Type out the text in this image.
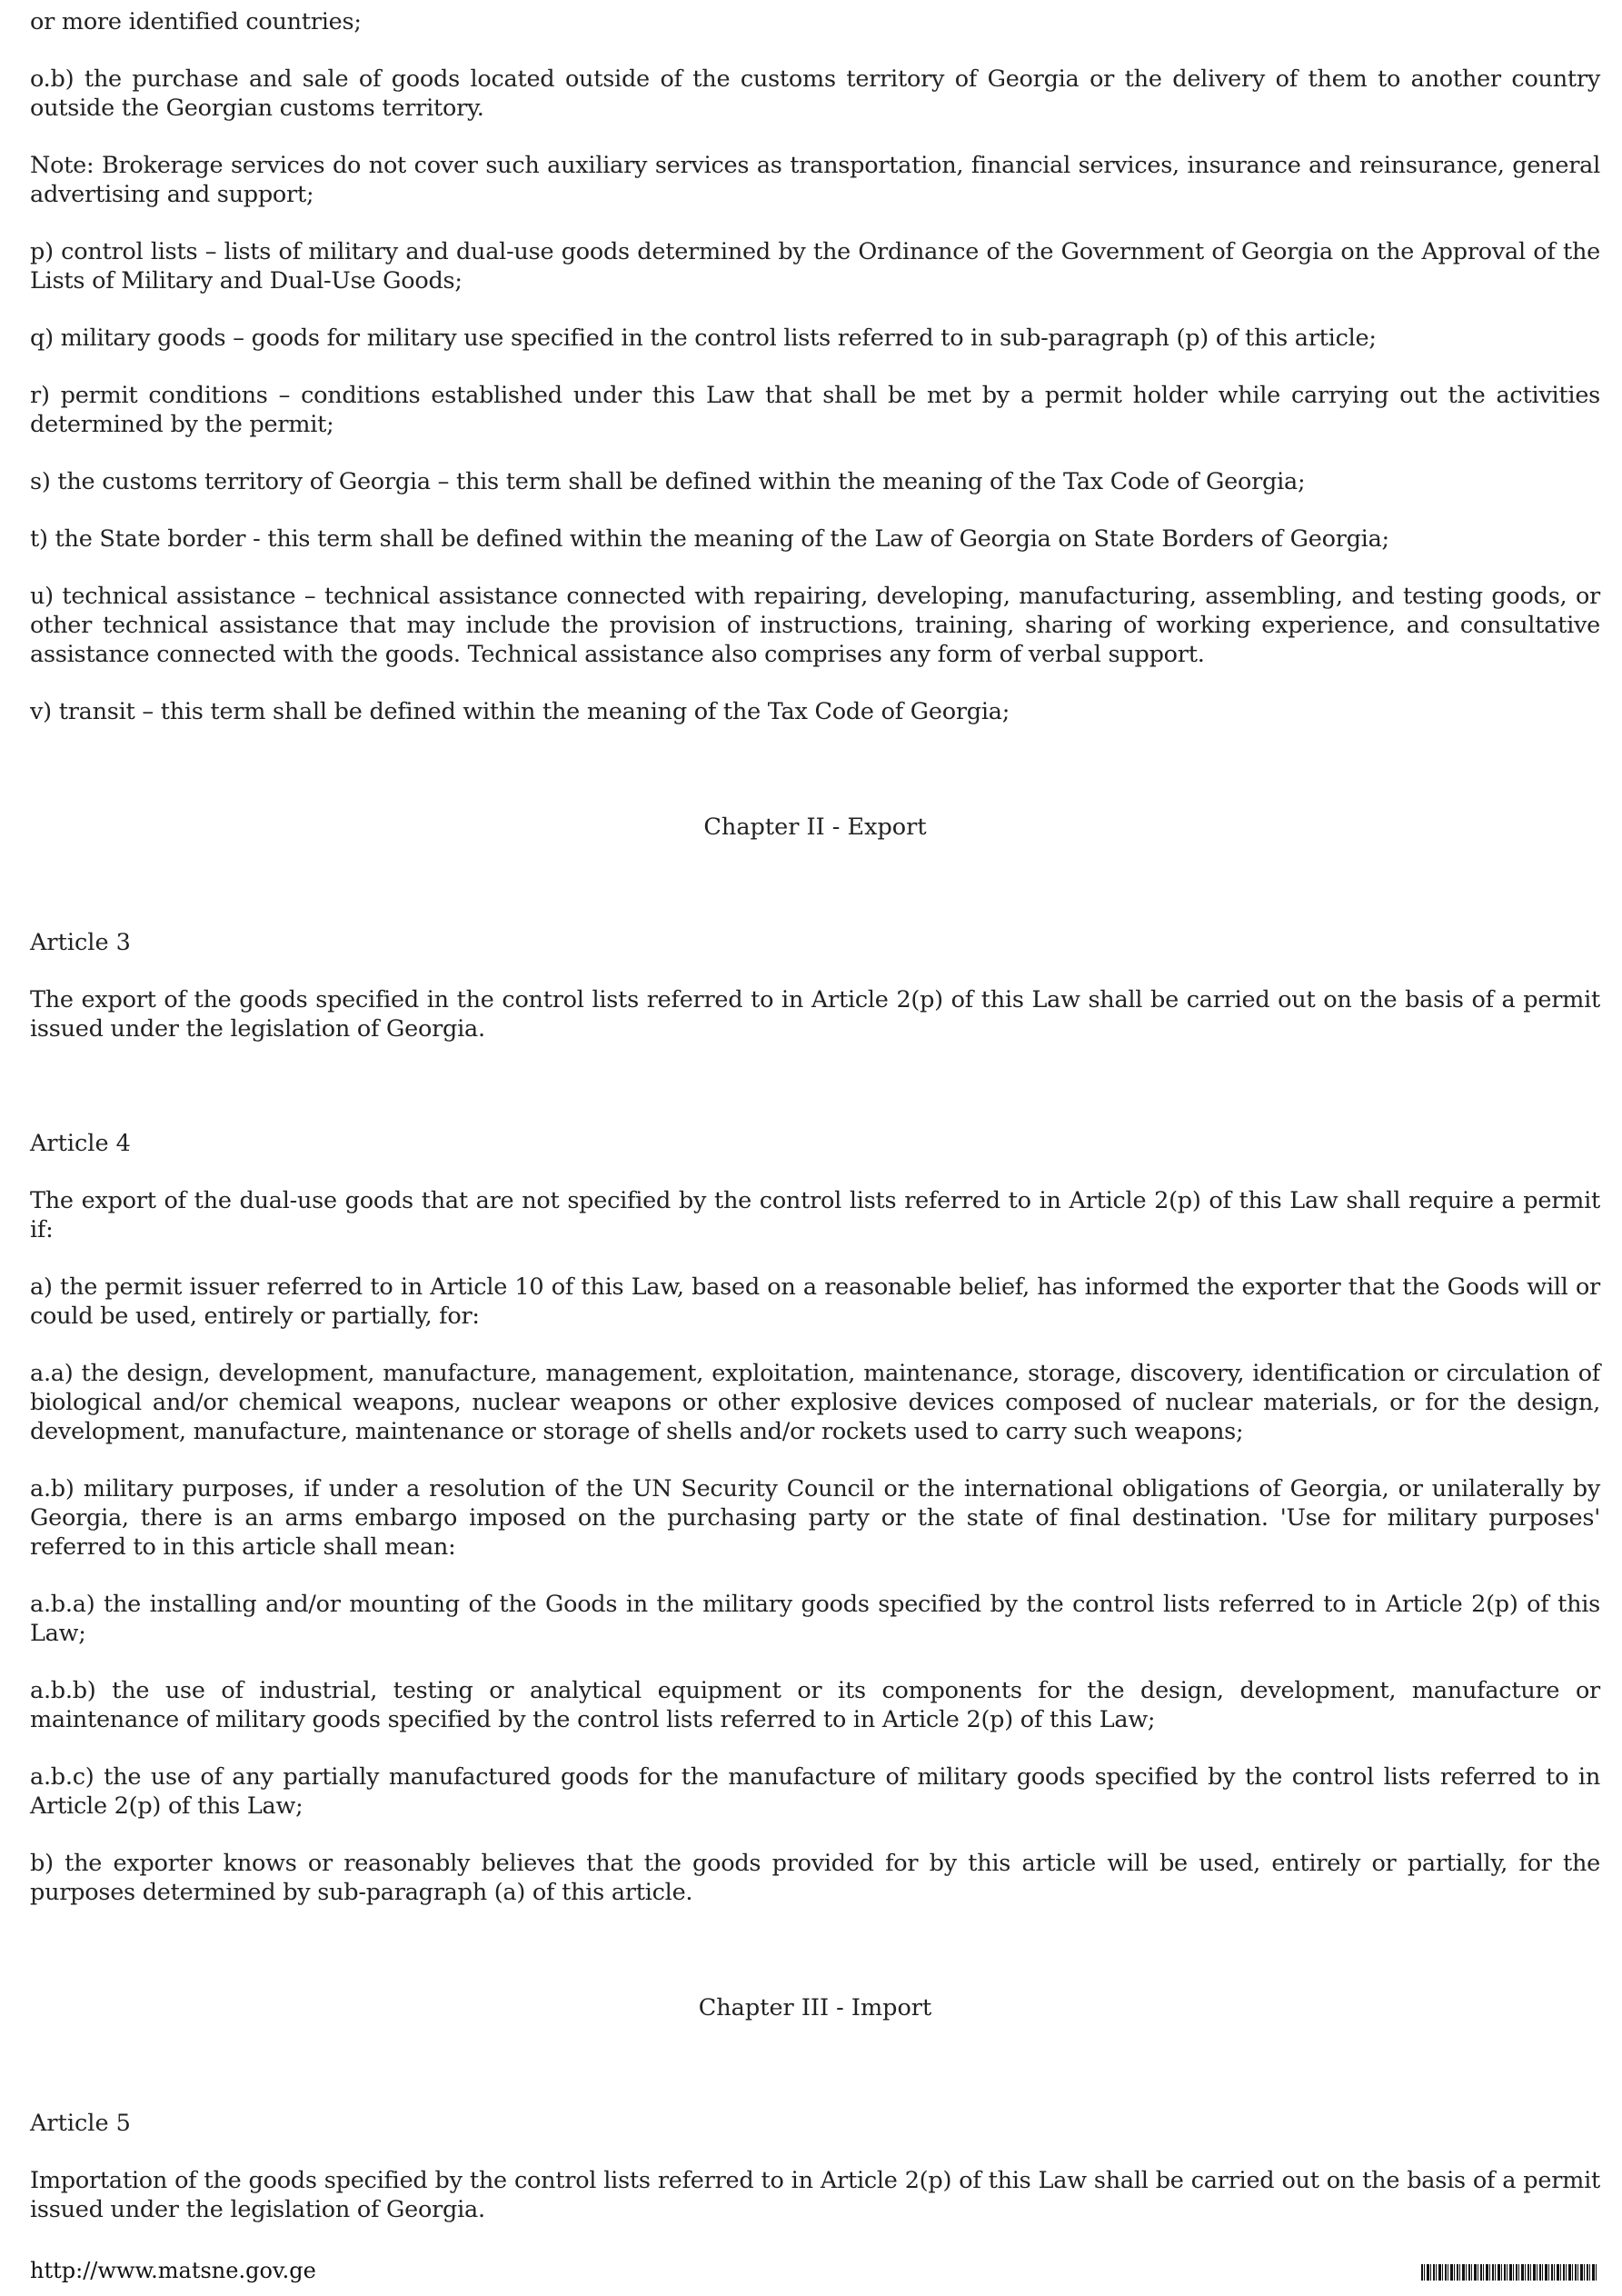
or more identified countries;

o.b) the purchase and sale of goods located outside of the customs territory of Georgia or the delivery of them to another country outside the Georgian customs territory.

Note: Brokerage services do not cover such auxiliary services as transportation, financial services, insurance and reinsurance, general advertising and support;

p) control lists – lists of military and dual-use goods determined by the Ordinance of the Government of Georgia on the Approval of the Lists of Military and Dual-Use Goods;

q) military goods – goods for military use specified in the control lists referred to in sub-paragraph (p) of this article;

r) permit conditions – conditions established under this Law that shall be met by a permit holder while carrying out the activities determined by the permit;

s) the customs territory of Georgia – this term shall be defined within the meaning of the Tax Code of Georgia;

t) the State border - this term shall be defined within the meaning of the Law of Georgia on State Borders of Georgia;

u) technical assistance – technical assistance connected with repairing, developing, manufacturing, assembling, and testing goods, or other technical assistance that may include the provision of instructions, training, sharing of working experience, and consultative assistance connected with the goods. Technical assistance also comprises any form of verbal support.

v) transit – this term shall be defined within the meaning of the Tax Code of Georgia;

Chapter II - Export
Article 3

The export of the goods specified in the control lists referred to in Article 2(p) of this Law shall be carried out on the basis of a permit issued under the legislation of Georgia.

Article 4

The export of the dual-use goods that are not specified by the control lists referred to in Article 2(p) of this Law shall require a permit if:

a) the permit issuer referred to in Article 10 of this Law, based on a reasonable belief, has informed the exporter that the Goods will or could be used, entirely or partially, for:

a.a) the design, development, manufacture, management, exploitation, maintenance, storage, discovery, identification or circulation of biological and/or chemical weapons, nuclear weapons or other explosive devices composed of nuclear materials, or for the design, development, manufacture, maintenance or storage of shells and/or rockets used to carry such weapons;

a.b) military purposes, if under a resolution of the UN Security Council or the international obligations of Georgia, or unilaterally by Georgia, there is an arms embargo imposed on the purchasing party or the state of final destination. 'Use for military purposes' referred to in this article shall mean:

a.b.a) the installing and/or mounting of the Goods in the military goods specified by the control lists referred to in Article 2(p) of this Law;

a.b.b) the use of industrial, testing or analytical equipment or its components for the design, development, manufacture or maintenance of military goods specified by the control lists referred to in Article 2(p) of this Law;

a.b.c) the use of any partially manufactured goods for the manufacture of military goods specified by the control lists referred to in Article 2(p) of this Law;

b) the exporter knows or reasonably believes that the goods provided for by this article will be used, entirely or partially, for the purposes determined by sub-paragraph (a) of this article.

Chapter III - Import
Article 5

Importation of the goods specified by the control lists referred to in Article 2(p) of this Law shall be carried out on the basis of a permit issued under the legislation of Georgia.

http://www.matsne.gov.ge
